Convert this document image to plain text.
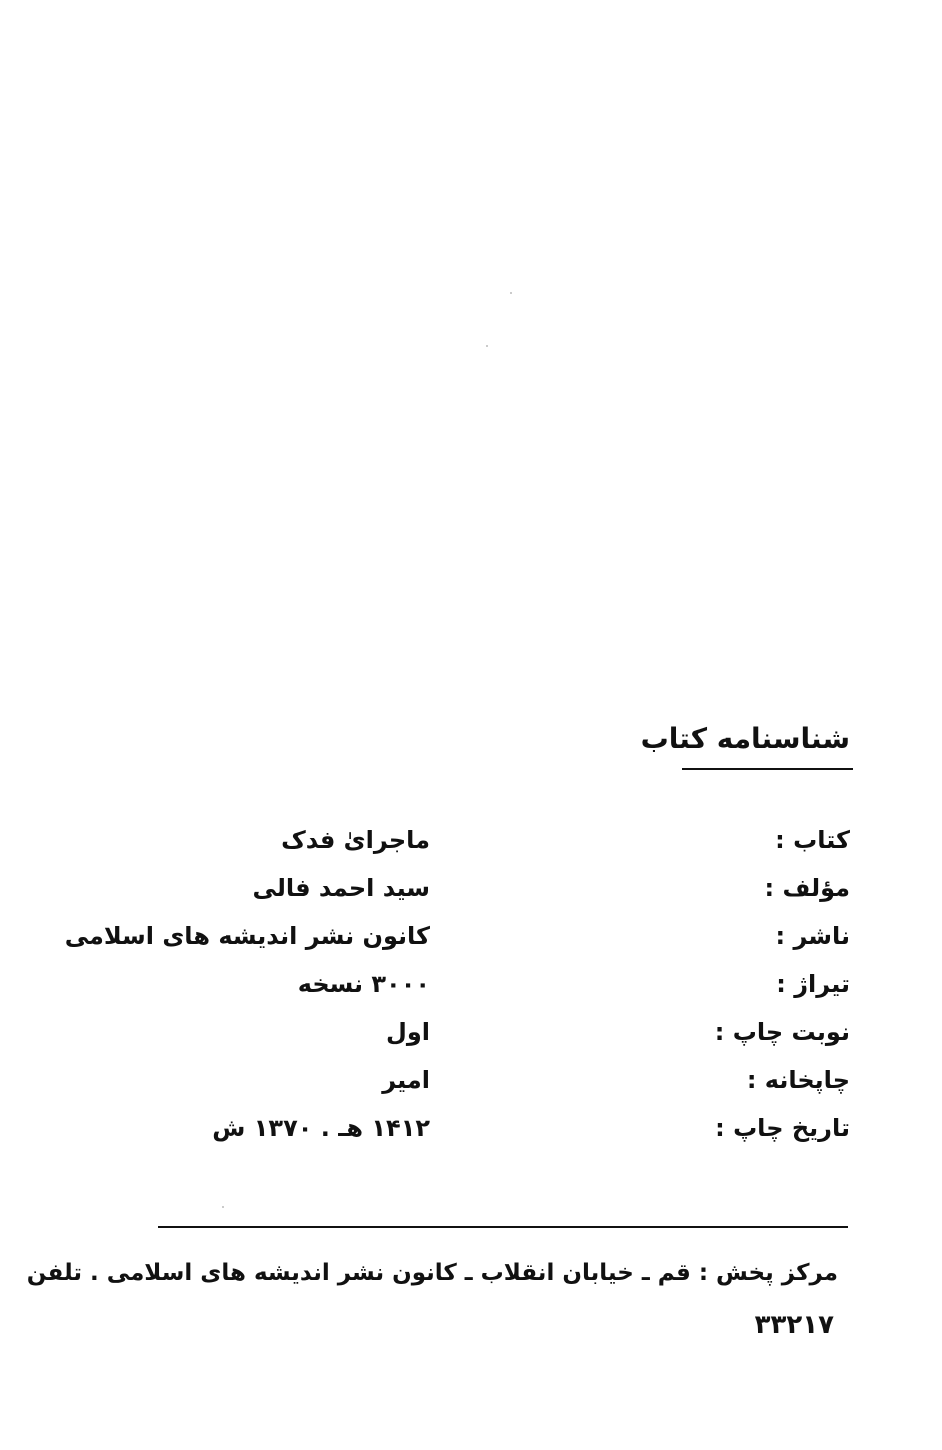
شناسنامه کتاب
کتاب :
ماجرایٰ فدک
مؤلف :
سید احمد فالی
ناشر :
کانون نشر اندیشه های اسلامی
تیراژ :
۳۰۰۰ نسخه
نوبت چاپ :
اول
چاپخانه :
امیر
تاریخ چاپ :
۱۴۱۲ هـ . ۱۳۷۰ ش
مرکز پخش : قم ـ خیابان انقلاب ـ کانون نشر اندیشه های اسلامی . تلفن
۳۳۲۱۷
